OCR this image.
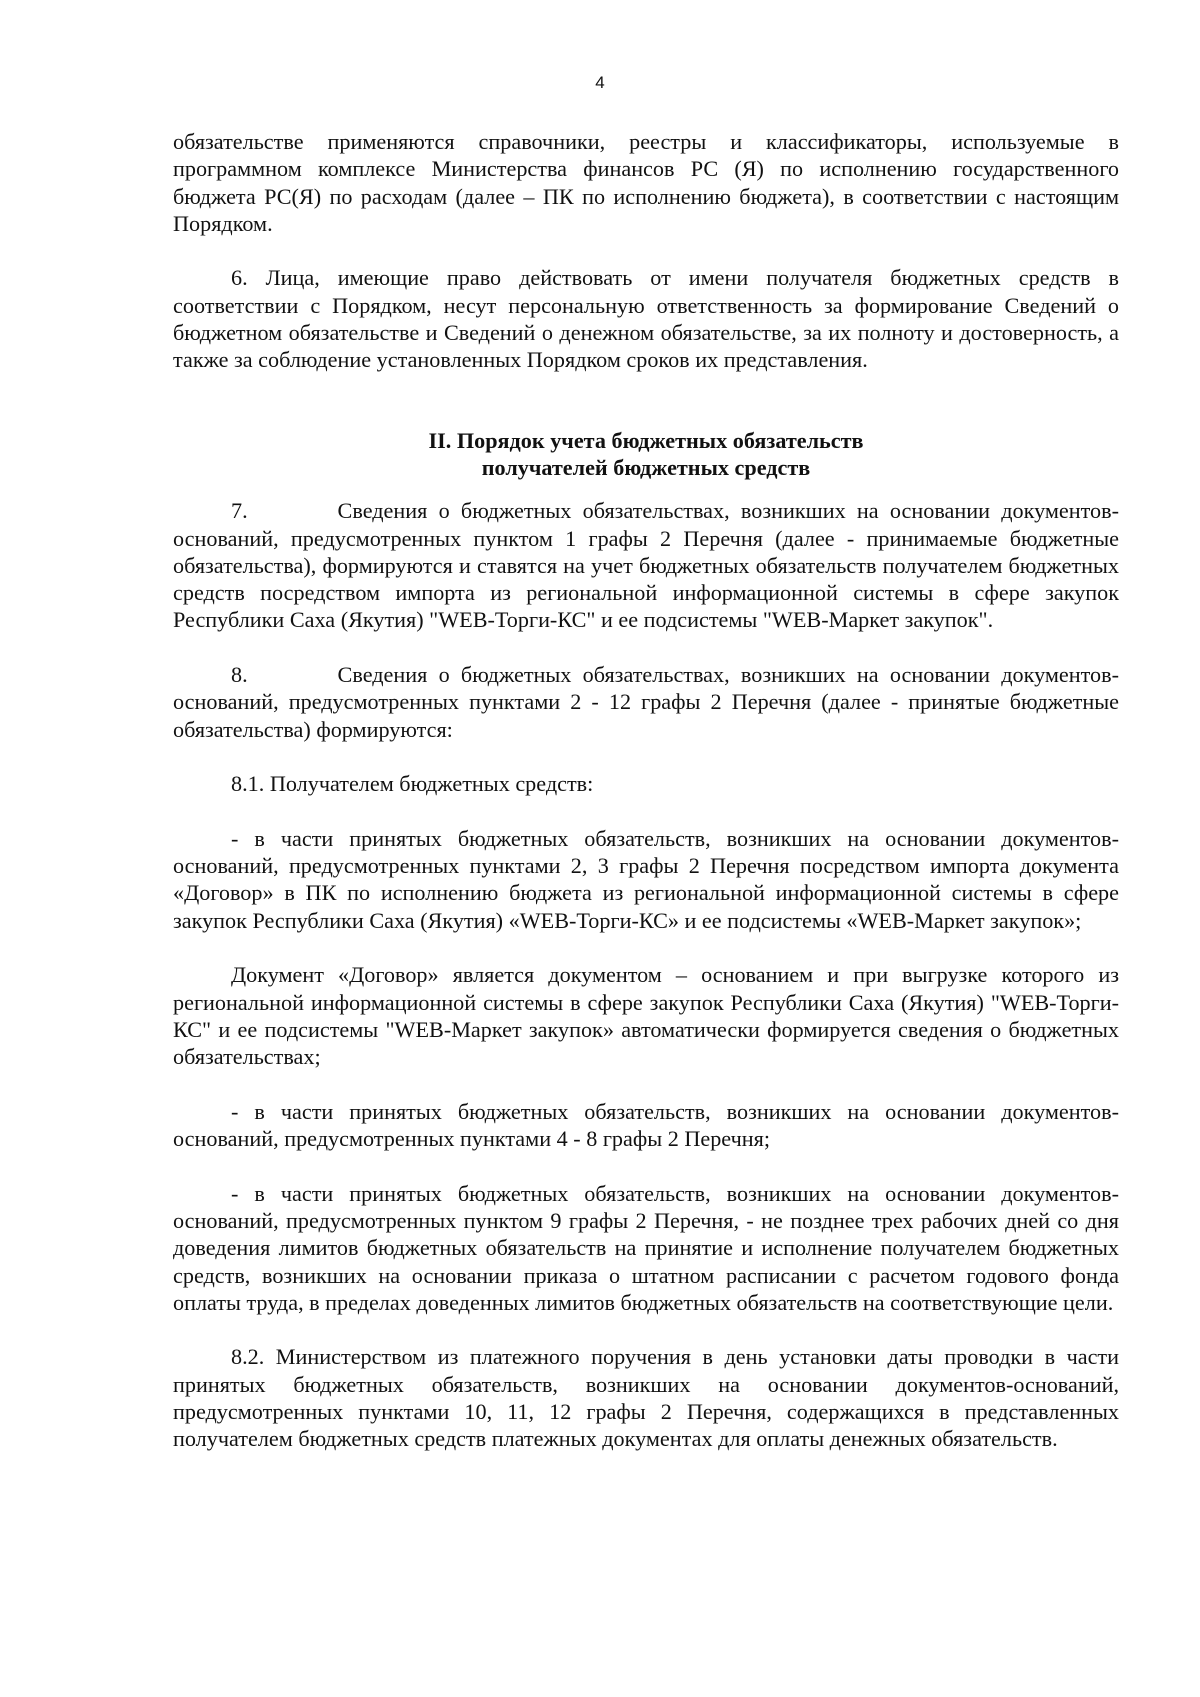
4

обязательстве применяются справочники, реестры и классификаторы, используемые в программном комплексе Министерства финансов РС (Я) по исполнению государственного бюджета РС(Я) по расходам (далее – ПК по исполнению бюджета), в соответствии с настоящим Порядком.

6. Лица, имеющие право действовать от имени получателя бюджетных средств в соответствии с Порядком, несут персональную ответственность за формирование Сведений о бюджетном обязательстве и Сведений о денежном обязательстве, за их полноту и достоверность, а также за соблюдение установленных Порядком сроков их представления.

II. Порядок учета бюджетных обязательств
получателей бюджетных средств

7.        Сведения о бюджетных обязательствах, возникших на основании документов-оснований, предусмотренных пунктом 1 графы 2 Перечня (далее - принимаемые бюджетные обязательства), формируются и ставятся на учет бюджетных обязательств получателем бюджетных средств посредством импорта из региональной информационной системы в сфере закупок Республики Саха (Якутия) "WEB-Торги-КС" и ее подсистемы "WEB-Маркет закупок".

8.        Сведения о бюджетных обязательствах, возникших на основании документов-оснований, предусмотренных пунктами 2 - 12 графы 2 Перечня (далее - принятые бюджетные обязательства) формируются:

8.1. Получателем бюджетных средств:

- в части принятых бюджетных обязательств, возникших на основании документов-оснований, предусмотренных пунктами 2, 3 графы 2 Перечня посредством импорта документа «Договор» в ПК по исполнению бюджета из региональной информационной системы в сфере закупок Республики Саха (Якутия) «WEB-Торги-КС» и ее подсистемы «WEB-Маркет закупок»;

Документ «Договор» является документом – основанием и при выгрузке которого из региональной информационной системы в сфере закупок Республики Саха (Якутия) "WEB-Торги-КС" и ее подсистемы "WEB-Маркет закупок» автоматически формируется сведения о бюджетных обязательствах;

- в части принятых бюджетных обязательств, возникших на основании документов-оснований, предусмотренных пунктами 4 - 8 графы 2 Перечня;

- в части принятых бюджетных обязательств, возникших на основании документов-оснований, предусмотренных пунктом 9 графы 2 Перечня, - не позднее трех рабочих дней со дня доведения лимитов бюджетных обязательств на принятие и исполнение получателем бюджетных средств, возникших на основании приказа о штатном расписании с расчетом годового фонда оплаты труда, в пределах доведенных лимитов бюджетных обязательств на соответствующие цели.

8.2. Министерством из платежного поручения в день установки даты проводки в части принятых бюджетных обязательств, возникших на основании документов-оснований, предусмотренных пунктами 10, 11, 12 графы 2 Перечня, содержащихся в представленных получателем бюджетных средств платежных документах для оплаты денежных обязательств.
